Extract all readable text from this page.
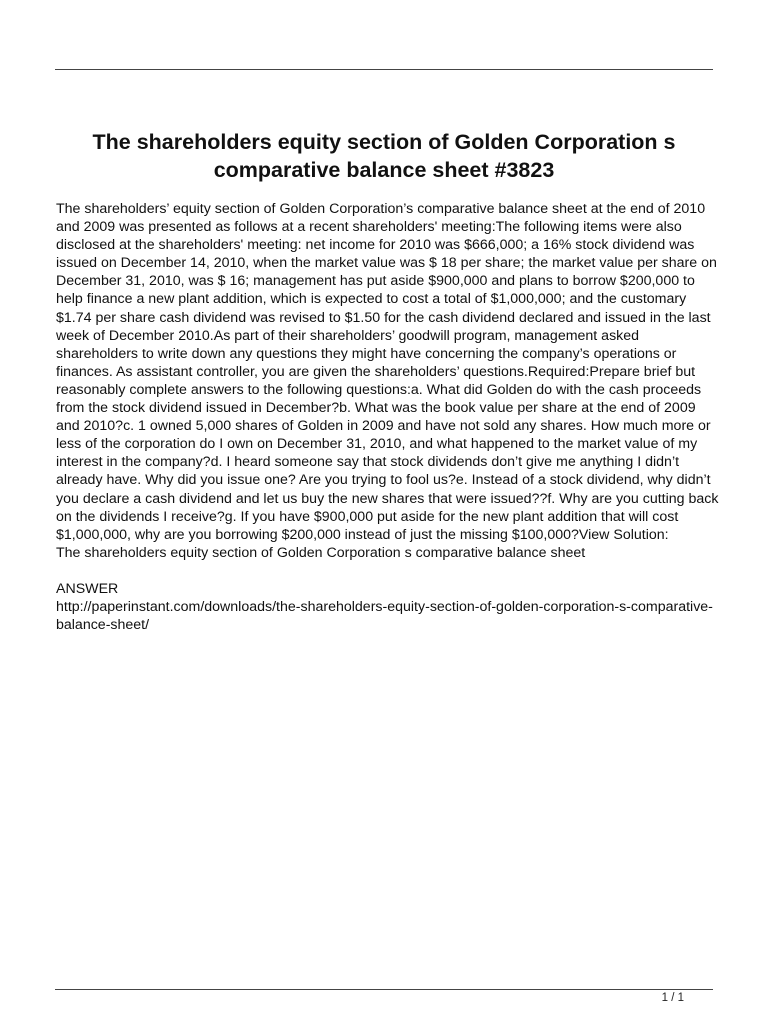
The shareholders equity section of Golden Corporation s comparative balance sheet #3823

The shareholders’ equity section of Golden Corporation’s comparative balance sheet at the end of 2010 and 2009 was presented as follows at a recent shareholders' meeting:The following items were also disclosed at the shareholders' meeting: net income for 2010 was $666,000; a 16% stock dividend was issued on December 14, 2010, when the market value was $ 18 per share; the market value per share on December 31, 2010, was $ 16; management has put aside $900,000 and plans to borrow $200,000 to help finance a new plant addition, which is expected to cost a total of $1,000,000; and the customary $1.74 per share cash dividend was revised to $1.50 for the cash dividend declared and issued in the last week of December 2010.As part of their shareholders’ goodwill program, management asked shareholders to write down any questions they might have concerning the company’s operations or finances. As assistant controller, you are given the shareholders’ questions.Required:Prepare brief but reasonably complete answers to the following questions:a. What did Golden do with the cash proceeds from the stock dividend issued in December?b. What was the book value per share at the end of 2009 and 2010?c. 1 owned 5,000 shares of Golden in 2009 and have not sold any shares. How much more or less of the corporation do I own on December 31, 2010, and what happened to the market value of my interest in the company?d. I heard someone say that stock dividends don’t give me anything I didn’t already have. Why did you issue one? Are you trying to fool us?e. Instead of a stock dividend, why didn’t you declare a cash dividend and let us buy the new shares that were issued??f. Why are you cutting back on the dividends I receive?g. If you have $900,000 put aside for the new plant addition that will cost $1,000,000, why are you borrowing $200,000 instead of just the missing $100,000?View Solution:

The shareholders equity section of Golden Corporation s comparative balance sheet

ANSWER

http://paperinstant.com/downloads/the-shareholders-equity-section-of-golden-corporation-s-comparative-balance-sheet/

1 / 1
